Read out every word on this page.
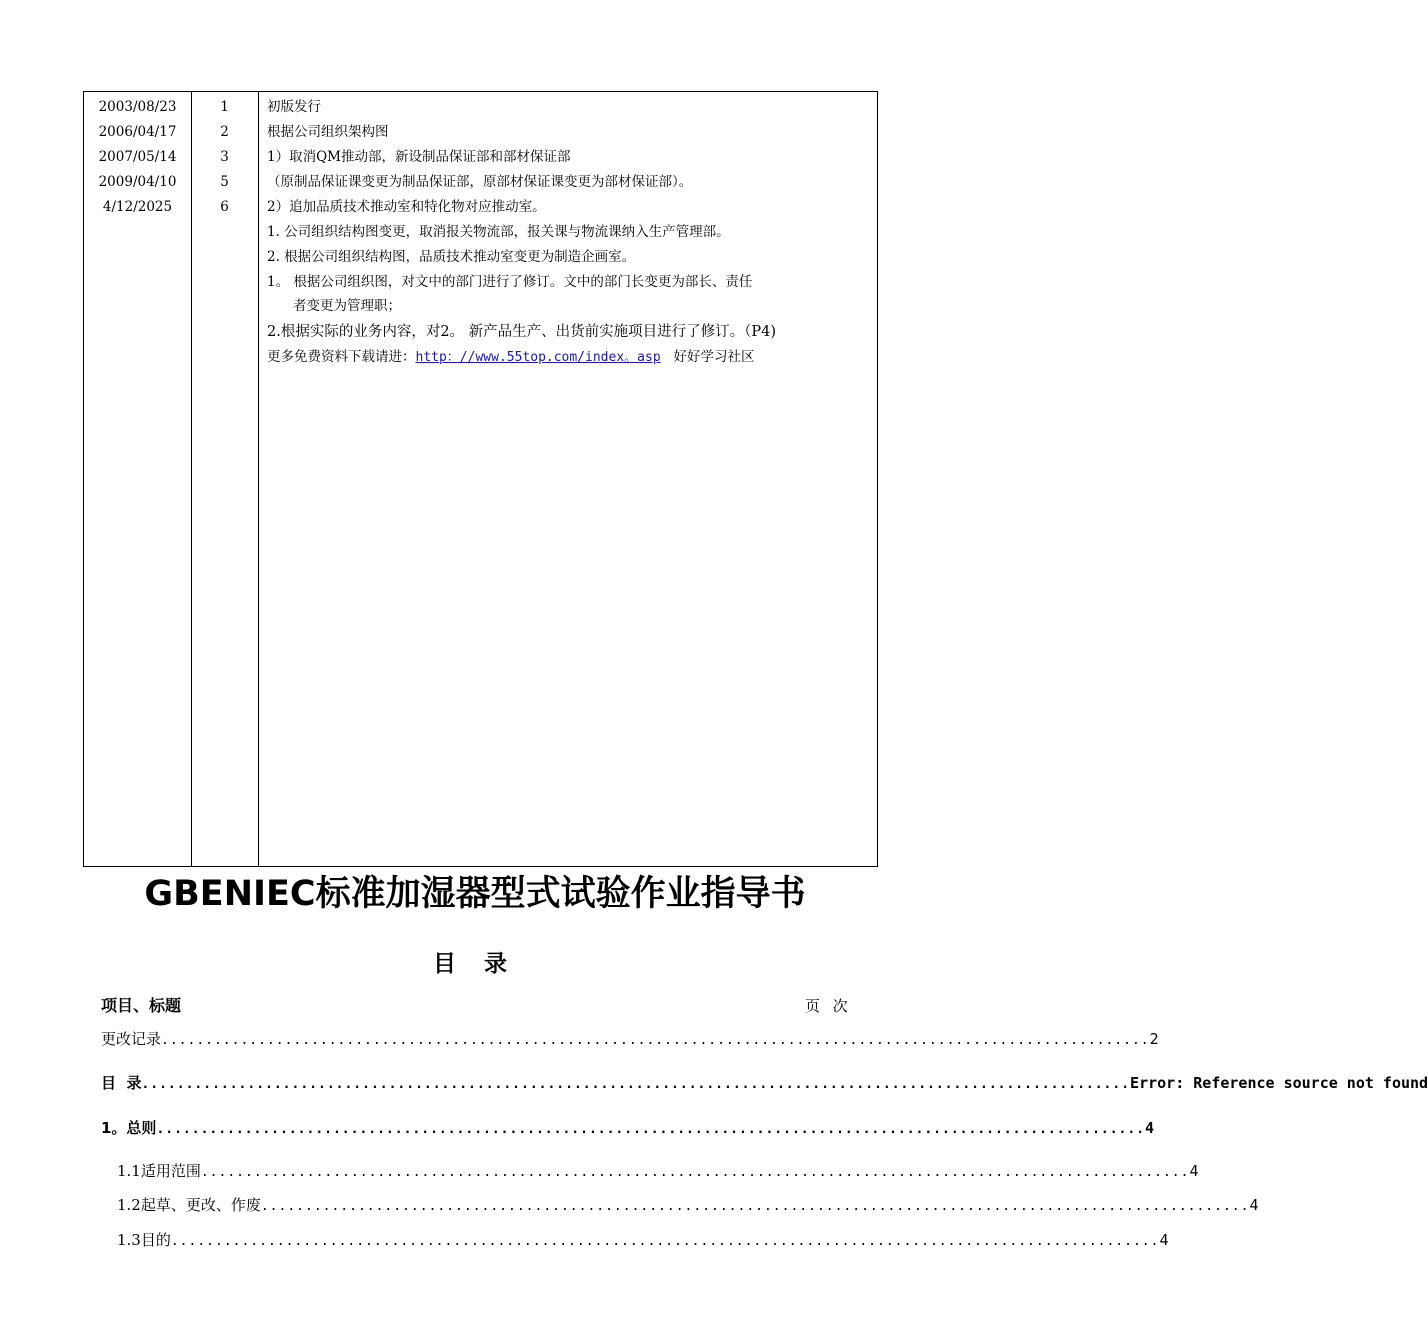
2003/08/23
2006/04/17
2007/05/14
2009/04/10
4/12/2025
1
2
3
5
6
初版发行
根据公司组织架构图
1）取消QM推动部，新设制品保证部和部材保证部
（原制品保证课变更为制品保证部，原部材保证课变更为部材保证部）。
2）追加品质技术推动室和特化物对应推动室。
1. 公司组织结构图变更，取消报关物流部，报关课与物流课纳入生产管理部。
2. 根据公司组织结构图，品质技术推动室变更为制造企画室。
1。 根据公司组织图，对文中的部门进行了修订。文中的部门长变更为部长、责任
者变更为管理职；
2.根据实际的业务内容，对2。 新产品生产、出货前实施项目进行了修订。（P4)
更多免费资料下载请进：http：//www.55top.com/index。asp 好好学习社区
GBENIEC标准加湿器型式试验作业指导书
目 录
项目、标题	页 次
更改记录 ................................................................................................................ 2
目  录 ................................................................................................................ Error: Reference source not found
1。总则 ................................................................................................................ 4
1.1适用范围 ................................................................................................................ 4
1.2起草、更改、作废 ................................................................................................................ 4
1.3目的 ................................................................................................................ 4
